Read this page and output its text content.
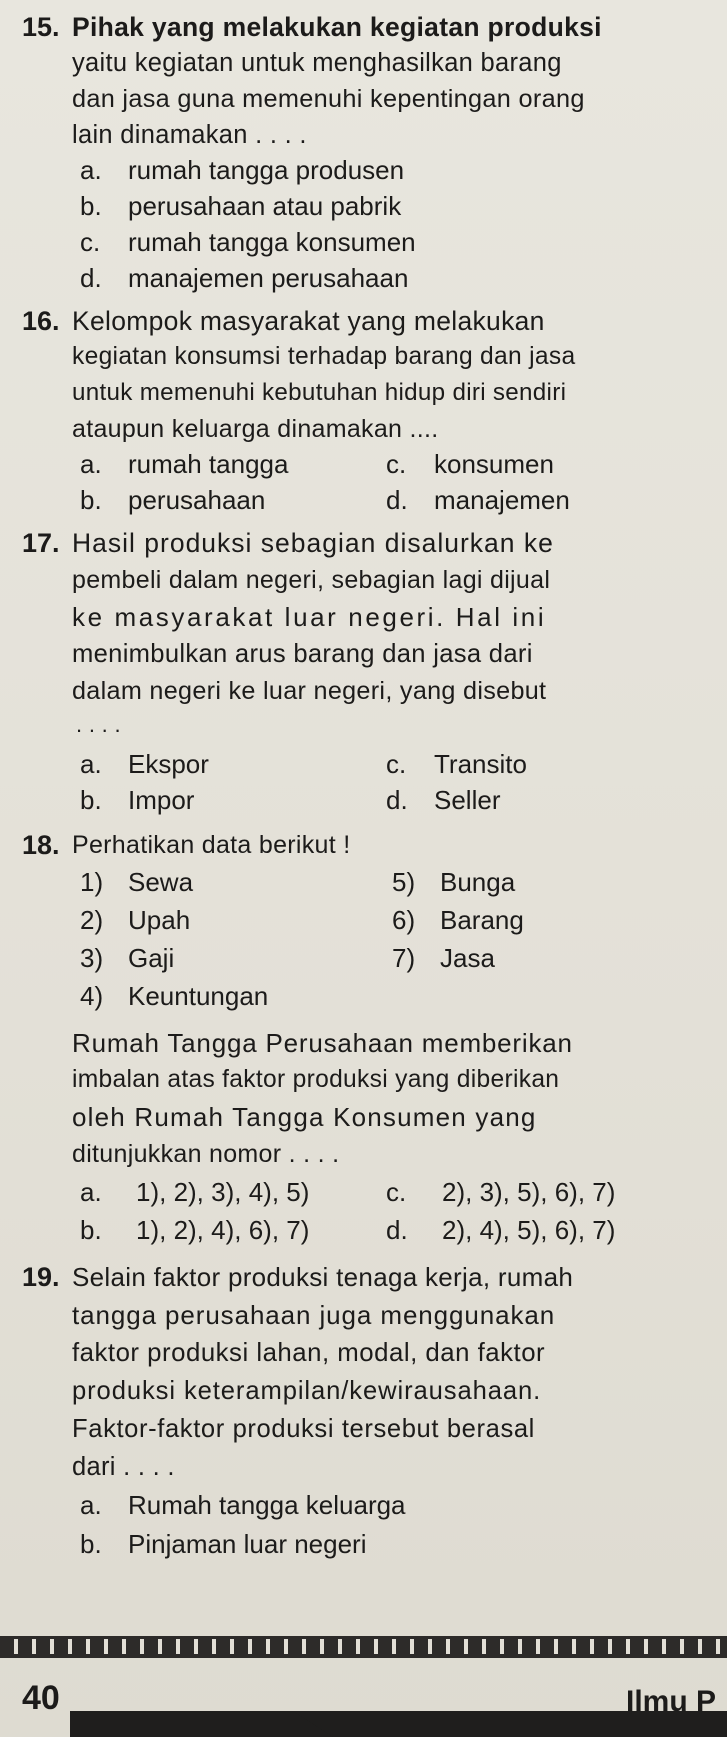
15. Pihak yang melakukan kegiatan produksi
yaitu kegiatan untuk menghasilkan barang
dan jasa guna memenuhi kepentingan orang
lain dinamakan . . . .
a. rumah tangga produsen
b. perusahaan atau pabrik
c. rumah tangga konsumen
d. manajemen perusahaan
16. Kelompok masyarakat yang melakukan
kegiatan konsumsi terhadap barang dan jasa
untuk memenuhi kebutuhan hidup diri sendiri
ataupun keluarga dinamakan ....
a. rumah tangga	c. konsumen
b. perusahaan	d. manajemen
17. Hasil produksi sebagian disalurkan ke
pembeli dalam negeri, sebagian lagi dijual
ke masyarakat luar negeri. Hal ini
menimbulkan arus barang dan jasa dari
dalam negeri ke luar negeri, yang disebut
. . . .
a. Ekspor	c. Transito
b. Impor	d. Seller
18. Perhatikan data berikut !
1) Sewa	5) Bunga
2) Upah	6) Barang
3) Gaji	7) Jasa
4) Keuntungan
Rumah Tangga Perusahaan memberikan
imbalan atas faktor produksi yang diberikan
oleh Rumah Tangga Konsumen yang
ditunjukkan nomor . . . .
a. 1), 2), 3), 4), 5)	c. 2), 3), 5), 6), 7)
b. 1), 2), 4), 6), 7)	d. 2), 4), 5), 6), 7)
19. Selain faktor produksi tenaga kerja, rumah
tangga perusahaan juga menggunakan
faktor produksi lahan, modal, dan faktor
produksi keterampilan/kewirausahaan.
Faktor-faktor produksi tersebut berasal
dari . . . .
a. Rumah tangga keluarga
b. Pinjaman luar negeri
40	Ilmu P
